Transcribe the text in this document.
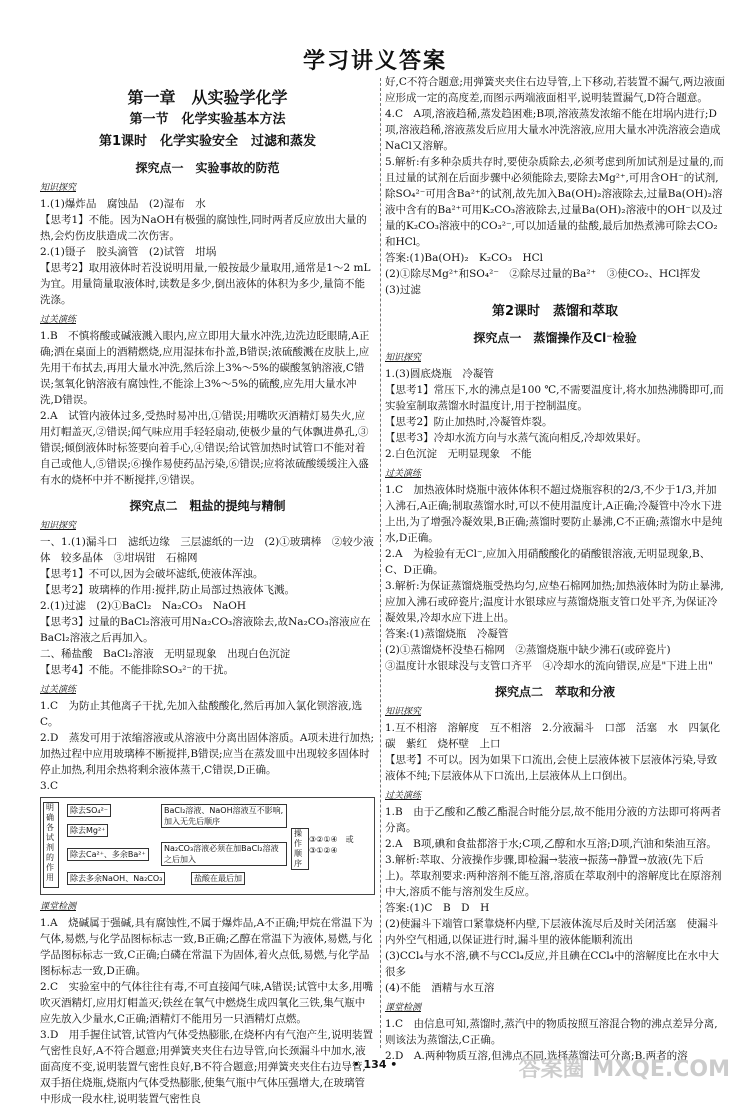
学习讲义答案
第一章　从实验学化学
第一节　化学实验基本方法
第1课时　化学实验安全　过滤和蒸发
探究点一　实验事故的防范
知识探究

1.(1)爆炸品　腐蚀品　(2)湿布　水

【思考1】不能。因为NaOH有极强的腐蚀性,同时两者反应放出大量的热,会灼伤皮肤造成二次伤害。

2.(1)镊子　胶头滴管　(2)试管　坩埚

【思考2】取用液体时若没说明用量,一般按最少量取用,通常是1～2 mL为宜。用量筒量取液体时,读数是多少,倒出液体的体积为多少,量筒不能洗涤。

过关演练

1.B　不慎将酸或碱液溅入眼内,应立即用大量水冲洗,边洗边眨眼睛,A正确;洒在桌面上的酒精燃烧,应用湿抹布扑盖,B错误;浓硫酸溅在皮肤上,应先用干布拭去,再用大量水冲洗,然后涂上3%～5%的碳酸氢钠溶液,C错误;氢氧化钠溶液有腐蚀性,不能涂上3%～5%的硫酸,应先用大量水冲洗,D错误。

2.A　试管内液体过多,受热时易冲出,①错误;用嘴吹灭酒精灯易失火,应用灯帽盖灭,②错误;闻气味应用手轻轻扇动,使极少量的气体飘进鼻孔,③错误;倾倒液体时标签要向着手心,④错误;给试管加热时试管口不能对着自己或他人,⑤错误;⑥操作易使药品污染,⑥错误;应将浓硫酸缓缓注入盛有水的烧杯中并不断搅拌,⑨错误。

探究点二　粗盐的提纯与精制
知识探究

一、1.(1)漏斗口　滤纸边缘　三层滤纸的一边　(2)①玻璃棒　②较少液体　较多晶体　③坩埚钳　石棉网

【思考1】不可以,因为会破坏滤纸,使液体浑浊。

【思考2】玻璃棒的作用:搅拌,防止局部过热液体飞溅。

2.(1)过滤　(2)①BaCl₂　Na₂CO₃　NaOH

【思考3】过量的BaCl₂溶液可用Na₂CO₃溶液除去,故Na₂CO₃溶液应在BaCl₂溶液之后再加入。

二、稀盐酸　BaCl₂溶液　无明显现象　出现白色沉淀

【思考4】不能。不能排除SO₃²⁻的干扰。

过关演练

1.C　为防止其他离子干扰,先加入盐酸酸化,然后再加入氯化钡溶液,选C。

2.D　蒸发可用于浓缩溶液或从溶液中分离出固体溶质。A项未进行加热;加热过程中应用玻璃棒不断搅拌,B错误;应当在蒸发皿中出现较多固体时停止加热,利用余热将剩余液体蒸干,C错误,D正确。

3.C

明确各试剂的作用
除去SO₄²⁻
除去Mg²⁺
除去Ca²⁺、多余Ba²⁺
除去多余NaOH、Na₂CO₃
BaCl₂溶液、NaOH溶液互不影响,加入无先后顺序
Na₂CO₃溶液必须在加BaCl₂溶液之后加入
盐酸在最后加
操作顺序
③②①④　或③①②④
课堂检测

1.A　烧碱属于强碱,具有腐蚀性,不属于爆炸品,A不正确;甲烷在常温下为气体,易燃,与化学品图标标志一致,B正确;乙醇在常温下为液体,易燃,与化学品图标标志一致,C正确;白磷在常温下为固体,着火点低,易燃,与化学品图标标志一致,D正确。

2.C　实验室中的气体往往有毒,不可直接闻气味,A错误;试管中太多,用嘴吹灭酒精灯,应用灯帽盖灭;铁丝在氧气中燃烧生成四氧化三铁,集气瓶中应先放入少量水,C正确;酒精灯不能用另一只酒精灯点燃。

3.D　用手握住试管,试管内气体受热膨胀,在烧杯内有气泡产生,说明装置气密性良好,A不符合题意;用弹簧夹夹住右边导管,向长颈漏斗中加水,液面高度不变,说明装置气密性良好,B不符合题意;用弹簧夹夹住右边导管,双手捂住烧瓶,烧瓶内气体受热膨胀,使集气瓶中气体压强增大,在玻璃管中形成一段水柱,说明装置气密性良

好,C不符合题意;用弹簧夹夹住右边导管,上下移动,若装置不漏气,两边液面应形成一定的高度差,而图示两端液面相平,说明装置漏气,D符合题意。

4.C　A项,溶液趋稀,蒸发趋困难;B项,溶液蒸发浓缩不能在坩埚内进行;D项,溶液趋稀,溶液蒸发后应用大量水冲洗溶液,应用大量水冲洗溶液会造成NaCl又溶解。

5.解析:有多种杂质共存时,要使杂质除去,必须考虑到所加试剂是过量的,而且过量的试剂在后面步骤中必须能除去,要除去Mg²⁺,可用含OH⁻的试剂,除SO₄²⁻可用含Ba²⁺的试剂,故先加入Ba(OH)₂溶液除去,过量Ba(OH)₂溶液中含有的Ba²⁺可用K₂CO₃溶液除去,过量Ba(OH)₂溶液中的OH⁻以及过量的K₂CO₃溶液中的CO₃²⁻,可以加适量的盐酸,最后加热煮沸可除去CO₂和HCl。

答案:(1)Ba(OH)₂　K₂CO₃　HCl

(2)①除尽Mg²⁺和SO₄²⁻　②除尽过量的Ba²⁺　③使CO₂、HCl挥发

(3)过滤

第2课时　蒸馏和萃取
探究点一　蒸馏操作及Cl⁻检验
知识探究

1.(3)圆底烧瓶　冷凝管

【思考1】常压下,水的沸点是100 ℃,不需要温度计,将水加热沸腾即可,而实验室制取蒸馏水时温度计,用于控制温度。

【思考2】防止加热时,冷凝管炸裂。

【思考3】冷却水流方向与水蒸气流向相反,冷却效果好。

2.白色沉淀　无明显现象　不能

过关演练

1.C　加热液体时烧瓶中液体体积不超过烧瓶容积的2/3,不少于1/3,并加入沸石,A正确;制取蒸馏水时,可以不使用温度计,A正确;冷凝管中冷水下进上出,为了增强冷凝效果,B正确;蒸馏时要防止暴沸,C不正确;蒸馏水中是纯水,D正确。

2.A　为检验有无Cl⁻,应加入用硝酸酸化的硝酸银溶液,无明显现象,B、C、D正确。

3.解析:为保证蒸馏烧瓶受热均匀,应垫石棉网加热;加热液体时为防止暴沸,应加入沸石或碎瓷片;温度计水银球应与蒸馏烧瓶支管口处平齐,为保证冷凝效果,冷却水应下进上出。

答案:(1)蒸馏烧瓶　冷凝管

(2)①蒸馏烧杯没垫石棉网　②蒸馏烧瓶中缺少沸石(或碎瓷片)

③温度计水银球没与支管口齐平　④冷却水的流向错误,应是"下进上出"

探究点二　萃取和分液
知识探究

1.互不相溶　溶解度　互不相溶　2.分液漏斗　口部　活塞　水　四氯化碳　紫红　烧杯壁　上口

【思考】不可以。因为如果下口流出,会使上层液体被下层液体污染,导致液体不纯;下层液体从下口流出,上层液体从上口倒出。

过关演练

1.B　由于乙酸和乙酸乙酯混合时能分层,故不能用分液的方法即可将两者分离。

2.A　B项,碘和食盐都溶于水;C项,乙醇和水互溶;D项,汽油和柴油互溶。

3.解析:萃取、分液操作步骤,即检漏→装液→振荡→静置→放液(先下后上)。萃取剂要求:两种溶剂不能互溶,溶质在萃取剂中的溶解度比在原溶剂中大,溶质不能与溶剂发生反应。

答案:(1)C　B　D　H

(2)使漏斗下端管口紧靠烧杯内壁,下层液体流尽后及时关闭活塞　使漏斗内外空气相通,以保证进行时,漏斗里的液体能顺利流出

(3)CCl₄与水不溶,碘不与CCl₄反应,并且碘在CCl₄中的溶解度比在水中大很多

(4)不能　酒精与水互溶

课堂检测

1.C　由信息可知,蒸馏时,蒸汽中的物质按照互溶混合物的沸点差异分离,则该法为蒸馏法,C正确。

2.D　A.两种物质互溶,但沸点不同,选择蒸馏法可分离;B.两者的溶

• 134 •	答案圈 MXQE.COM
